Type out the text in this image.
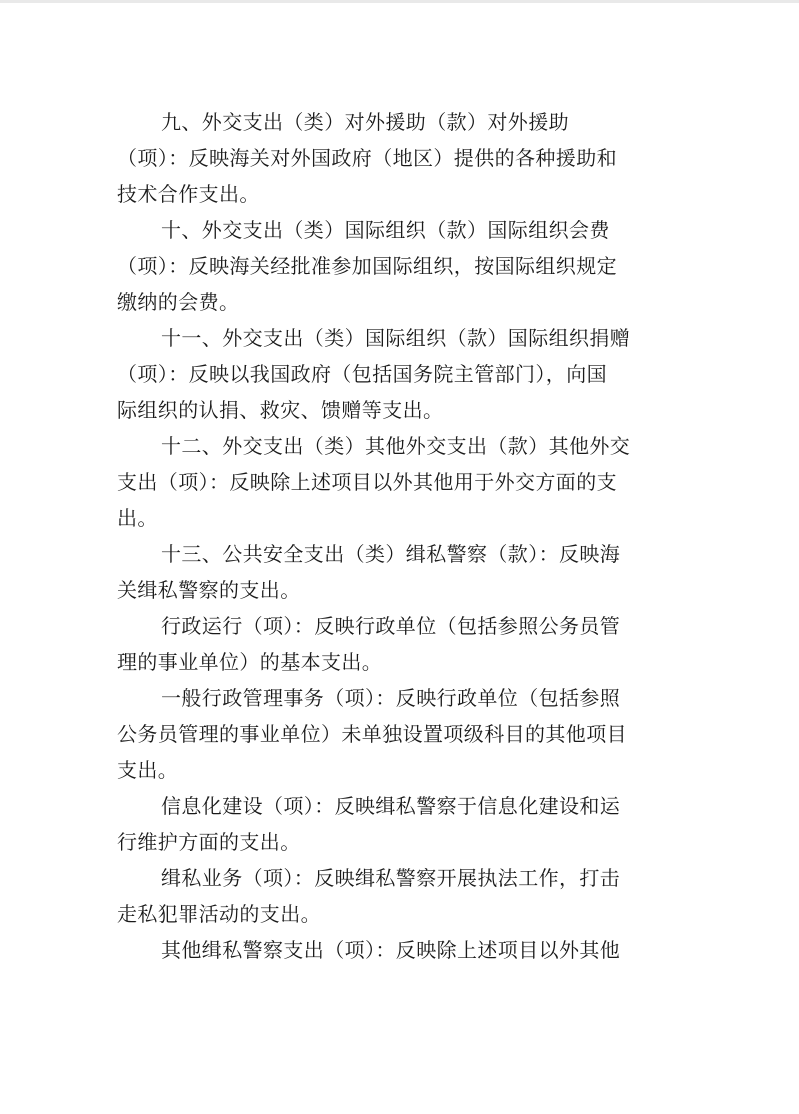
九、外交支出（类）对外援助（款）对外援助
（项）：反映海关对外国政府（地区）提供的各种援助和
技术合作支出。
十、外交支出（类）国际组织（款）国际组织会费
（项）：反映海关经批准参加国际组织，按国际组织规定
缴纳的会费。
十一、外交支出（类）国际组织（款）国际组织捐赠
（项）：反映以我国政府（包括国务院主管部门），向国
际组织的认捐、救灾、馈赠等支出。
十二、外交支出（类）其他外交支出（款）其他外交
支出（项）：反映除上述项目以外其他用于外交方面的支
出。
十三、公共安全支出（类）缉私警察（款）：反映海
关缉私警察的支出。
行政运行（项）：反映行政单位（包括参照公务员管
理的事业单位）的基本支出。
一般行政管理事务（项）：反映行政单位（包括参照
公务员管理的事业单位）未单独设置项级科目的其他项目
支出。
信息化建设（项）：反映缉私警察于信息化建设和运
行维护方面的支出。
缉私业务（项）：反映缉私警察开展执法工作，打击
走私犯罪活动的支出。
其他缉私警察支出（项）：反映除上述项目以外其他
